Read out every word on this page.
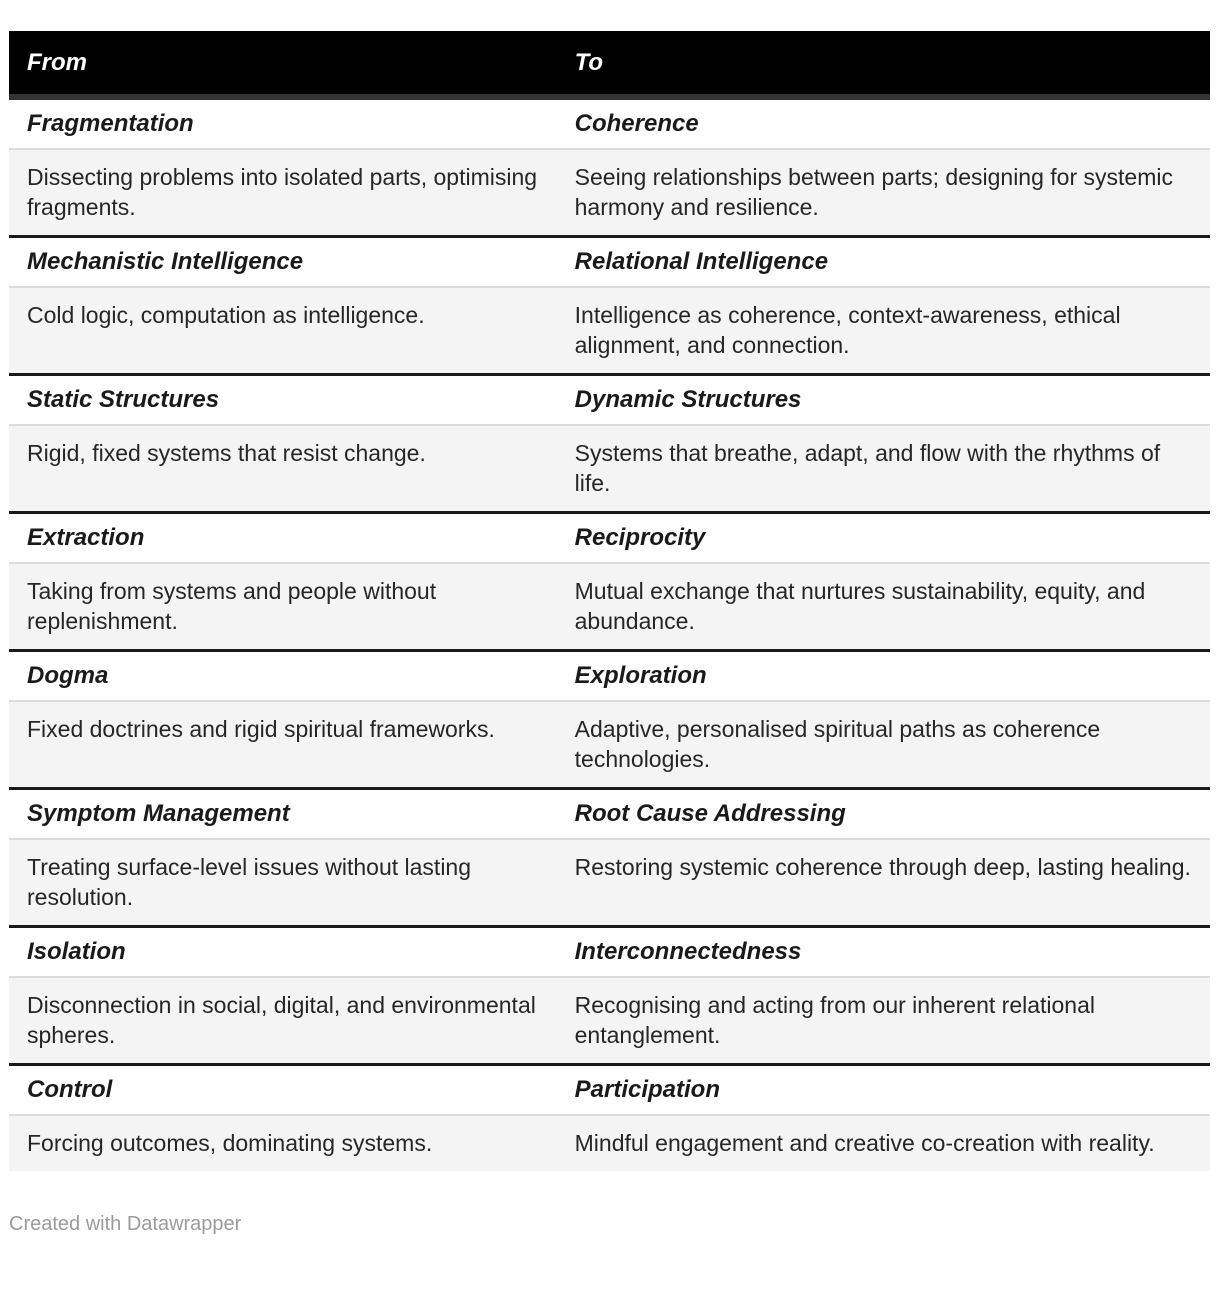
From	To
Fragmentation	Coherence
Dissecting problems into isolated parts, optimising fragments.	Seeing relationships between parts; designing for systemic harmony and resilience.
Mechanistic Intelligence	Relational Intelligence
Cold logic, computation as intelligence.	Intelligence as coherence, context-awareness, ethical alignment, and connection.
Static Structures	Dynamic Structures
Rigid, fixed systems that resist change.	Systems that breathe, adapt, and flow with the rhythms of life.
Extraction	Reciprocity
Taking from systems and people without replenishment.	Mutual exchange that nurtures sustainability, equity, and abundance.
Dogma	Exploration
Fixed doctrines and rigid spiritual frameworks.	Adaptive, personalised spiritual paths as coherence technologies.
Symptom Management	Root Cause Addressing
Treating surface-level issues without lasting resolution.	Restoring systemic coherence through deep, lasting healing.
Isolation	Interconnectedness
Disconnection in social, digital, and environmental spheres.	Recognising and acting from our inherent relational entanglement.
Control	Participation
Forcing outcomes, dominating systems.	Mindful engagement and creative co-creation with reality.
Created with Datawrapper
